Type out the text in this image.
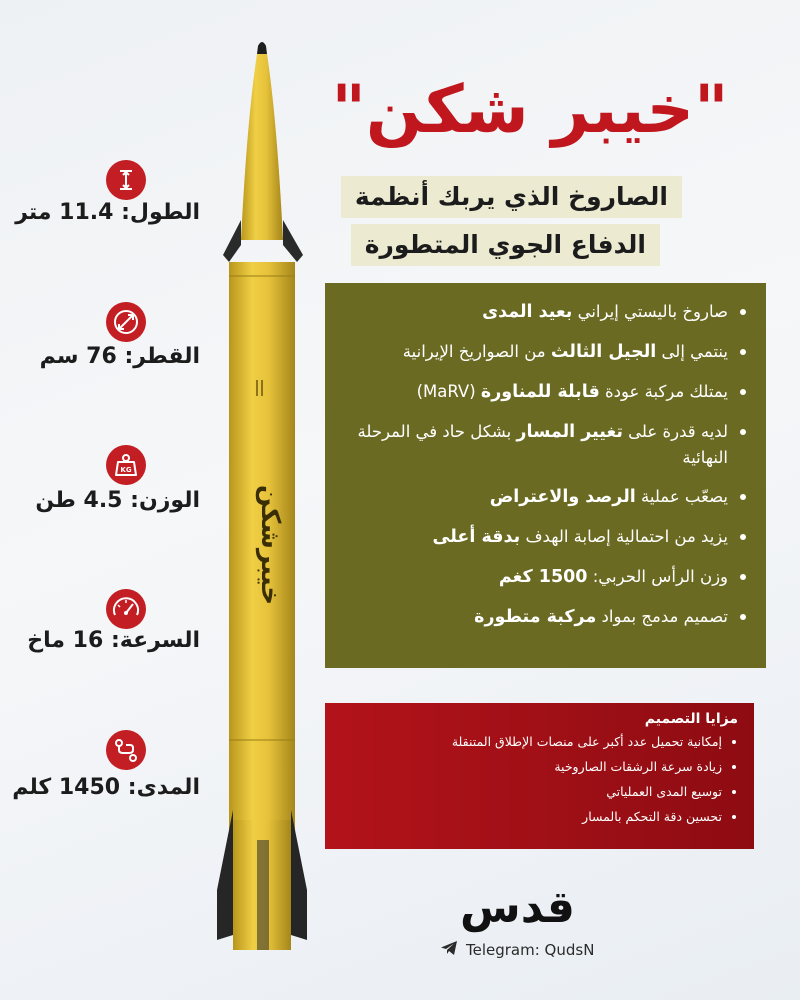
"خيبر شكن"
الصاروخ الذي يربك أنظمة
الدفاع الجوي المتطورة
الطول: 11.4 متر
القطر: 76 سم
KG
الوزن: 4.5 طن
السرعة: 16 ماخ
المدى: 1450 كلم
خيبرشكن
صاروخ باليستي إيراني بعيد المدى
ينتمي إلى الجيل الثالث من الصواريخ الإيرانية
يمتلك مركبة عودة قابلة للمناورة (MaRV)
لديه قدرة على تغيير المسار بشكل حاد في المرحلة النهائية
يصعّب عملية الرصد والاعتراض
يزيد من احتمالية إصابة الهدف بدقة أعلى
وزن الرأس الحربي: 1500 كغم
تصميم مدمج بمواد مركبة متطورة
مزايا التصميم
إمكانية تحميل عدد أكبر على منصات الإطلاق المتنقلة
زيادة سرعة الرشقات الصاروخية
توسيع المدى العملياتي
تحسين دقة التحكم بالمسار
قدس
Telegram: QudsN
